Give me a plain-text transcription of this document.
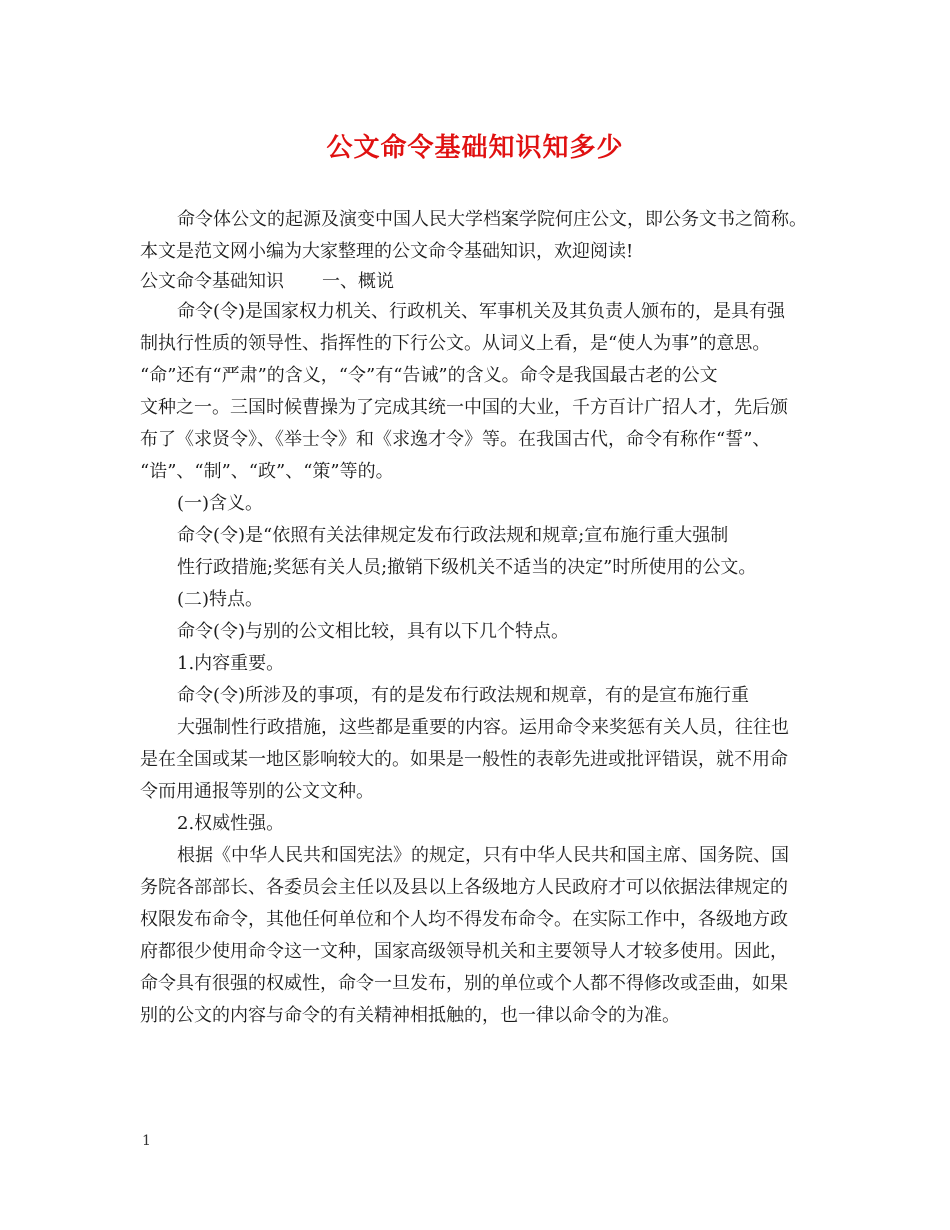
公文命令基础知识知多少
命令体公文的起源及演变中国人民大学档案学院何庄公文，即公务文书之简称。
本文是范文网小编为大家整理的公文命令基础知识，欢迎阅读!
公文命令基础知识 一、概说
命令(令)是国家权力机关、行政机关、军事机关及其负责人颁布的，是具有强
制执行性质的领导性、指挥性的下行公文。从词义上看，是“使人为事”的意思。
“命”还有“严肃”的含义，“令”有“告诫”的含义。命令是我国最古老的公文
文种之一。三国时候曹操为了完成其统一中国的大业，千方百计广招人才，先后颁
布了《求贤令》、《举士令》和《求逸才令》等。在我国古代，命令有称作“誓”、
“诰”、“制”、“政”、“策”等的。
(一)含义。
命令(令)是“依照有关法律规定发布行政法规和规章;宣布施行重大强制
性行政措施;奖惩有关人员;撤销下级机关不适当的决定”时所使用的公文。
(二)特点。
命令(令)与别的公文相比较，具有以下几个特点。
1.内容重要。
命令(令)所涉及的事项，有的是发布行政法规和规章，有的是宣布施行重
大强制性行政措施，这些都是重要的内容。运用命令来奖惩有关人员，往往也
是在全国或某一地区影响较大的。如果是一般性的表彰先进或批评错误，就不用命
令而用通报等别的公文文种。
2.权威性强。
根据《中华人民共和国宪法》的规定，只有中华人民共和国主席、国务院、国
务院各部部长、各委员会主任以及县以上各级地方人民政府才可以依据法律规定的
权限发布命令，其他任何单位和个人均不得发布命令。在实际工作中，各级地方政
府都很少使用命令这一文种，国家高级领导机关和主要领导人才较多使用。因此，
命令具有很强的权威性，命令一旦发布，别的单位或个人都不得修改或歪曲，如果
别的公文的内容与命令的有关精神相抵触的，也一律以命令的为准。
1
